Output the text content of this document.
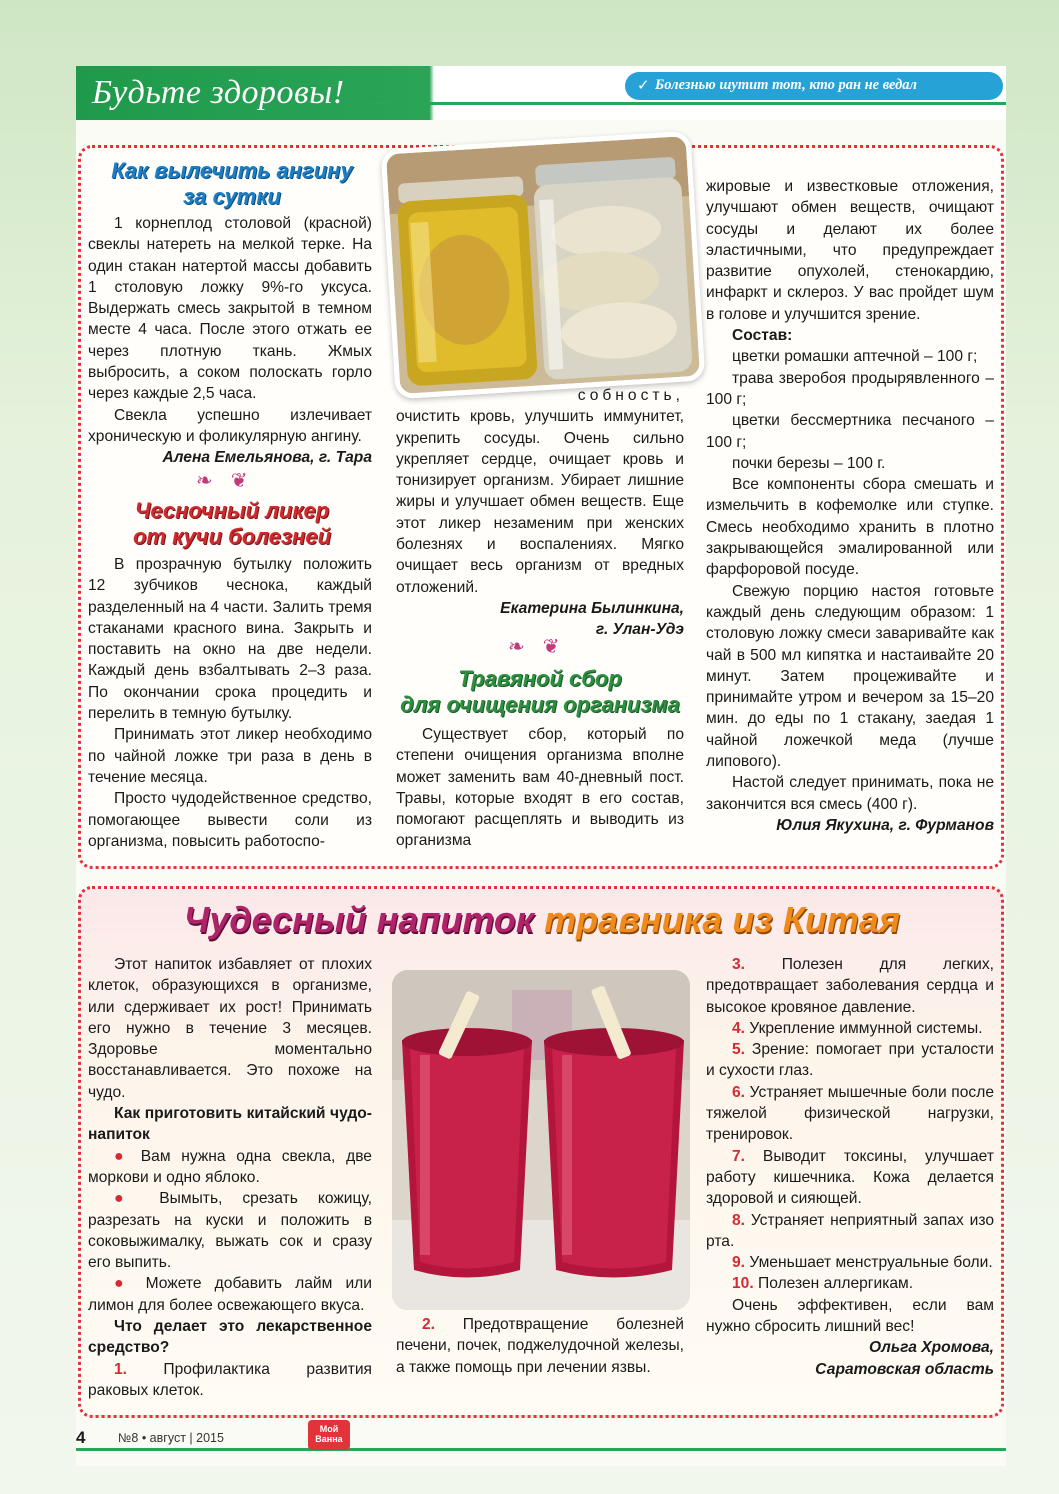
Будьте здоровы!	✓ Болезнью шутит тот, кто ран не ведал
Как вылечить ангину
за сутки

1 корнеплод столовой (красной) свеклы натереть на мелкой терке. На один стакан натертой массы добавить 1 столовую ложку 9%-го уксуса. Выдержать смесь закрытой в темном месте 4 часа. После этого отжать ее через плотную ткань. Жмых выбросить, а соком полоскать горло через каждые 2,5 часа.

Свекла успешно излечивает хроническую и фоликулярную ангину.

Алена Емельянова, г. Тара

❧❦
Чесночный ликер
от кучи болезней

В прозрачную бутылку положить 12 зубчиков чеснока, каждый разделенный на 4 части. Залить тремя стаканами красного вина. Закрыть и поставить на окно на две недели. Каждый день взбалтывать 2–3 раза. По окончании срока процедить и перелить в темную бутылку.

Принимать этот ликер необходимо по чайной ложке три раза в день в течение месяца.

Просто чудодейственное средство, помогающее вывести соли из организма, повысить работоспо-

собность,

очистить кровь, улучшить иммунитет, укрепить сосуды. Очень сильно укрепляет сердце, очищает кровь и тонизирует организм. Убирает лишние жиры и улучшает обмен веществ. Еще этот ликер незаменим при женских болезнях и воспалениях. Мягко очищает весь организм от вредных отложений.

Екатерина Былинкина,

г. Улан-Удэ

❧❦
Травяной сбор
для очищения организма

Существует сбор, который по степени очищения организма вполне может заменить вам 40-дневный пост. Травы, которые входят в его состав, помогают расщеплять и выводить из организма

жировые и известковые отложения, улучшают обмен веществ, очищают сосуды и делают их более эластичными, что предупреждает развитие опухолей, стенокардию, инфаркт и склероз. У вас пройдет шум в голове и улучшится зрение.

Состав:

цветки ромашки аптечной – 100 г;

трава зверобоя продырявленного – 100 г;

цветки бессмертника песчаного – 100 г;

почки березы – 100 г.

Все компоненты сбора смешать и измельчить в кофемолке или ступке. Смесь необходимо хранить в плотно закрывающейся эмалированной или фарфоровой посуде.

Свежую порцию настоя готовьте каждый день следующим образом: 1 столовую ложку смеси заваривайте как чай в 500 мл кипятка и настаивайте 20 минут. Затем процеживайте и принимайте утром и вечером за 15–20 мин. до еды по 1 стакану, заедая 1 чайной ложечкой меда (лучше липового).

Настой следует принимать, пока не закончится вся смесь (400 г).

Юлия Якухина, г. Фурманов

Чудесный напиток травника из Китая

Этот напиток избавляет от плохих клеток, образующихся в организме, или сдерживает их рост! Принимать его нужно в течение 3 месяцев. Здоровье моментально восстанавливается. Это похоже на чудо.

Как приготовить китайский чудо-напиток

● Вам нужна одна свекла, две моркови и одно яблоко.

● Вымыть, срезать кожицу, разрезать на куски и положить в соковыжималку, выжать сок и сразу его выпить.

● Можете добавить лайм или лимон для более освежающего вкуса.

Что делает это лекарственное средство?

1. Профилактика развития раковых клеток.

2. Предотвращение болезней печени, почек, поджелудочной железы, а также помощь при лечении язвы.

3. Полезен для легких, предотвращает заболевания сердца и высокое кровяное давление.

4. Укрепление иммунной системы.

5. Зрение: помогает при усталости и сухости глаз.

6. Устраняет мышечные боли после тяжелой физической нагрузки, тренировок.

7. Выводит токсины, улучшает работу кишечника. Кожа делается здоровой и сияющей.

8. Устраняет неприятный запах изо рта.

9. Уменьшает менструальные боли.

10. Полезен аллергикам.

Очень эффективен, если вам нужно сбросить лишний вес!

Ольга Хромова,

Саратовская область

4	№8 • август | 2015
Мой
Ванна
